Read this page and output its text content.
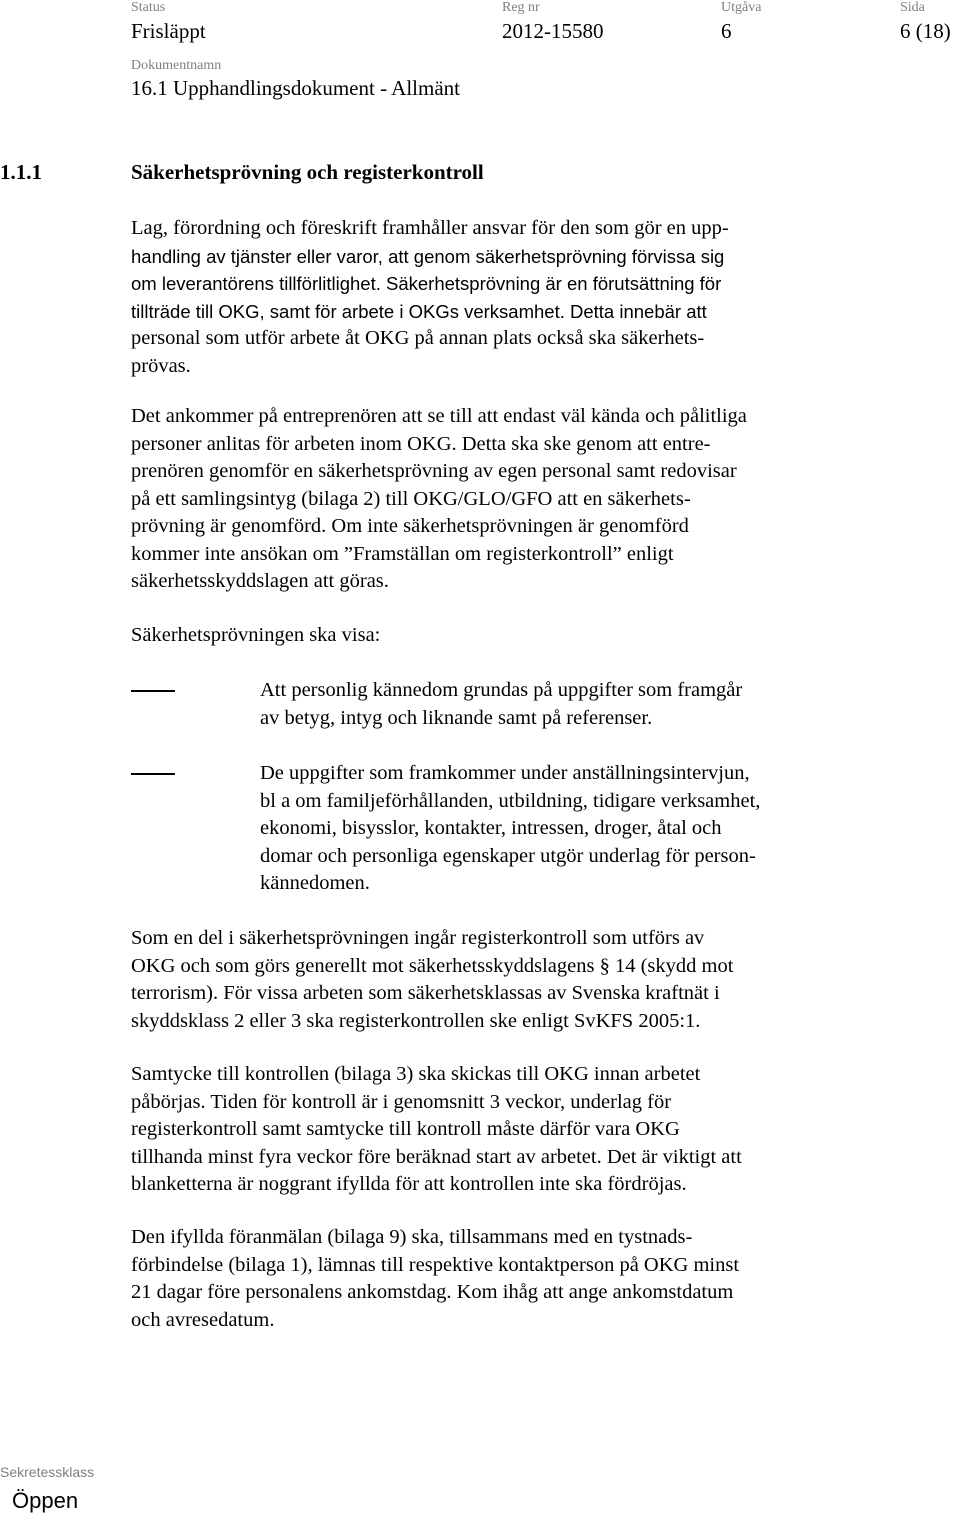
Status
Frisläppt
Reg nr
2012-15580
Utgåva
6
Sida
6 (18)
Dokumentnamn
16.1 Upphandlingsdokument - Allmänt
1.1.1	Säkerhetsprövning och registerkontroll
Lag, förordning och föreskrift framhåller ansvar för den som gör en upp-
handling av tjänster eller varor, att genom säkerhetsprövning förvissa sig
om leverantörens tillförlitlighet. Säkerhetsprövning är en förutsättning för
tillträde till OKG, samt för arbete i OKGs verksamhet. Detta innebär att
personal som utför arbete åt OKG på annan plats också ska säkerhets-
prövas.
Det ankommer på entreprenören att se till att endast väl kända och pålitliga
personer anlitas för arbeten inom OKG. Detta ska ske genom att entre-
prenören genomför en säkerhetsprövning av egen personal samt redovisar
på ett samlingsintyg (bilaga 2) till OKG/GLO/GFO att en säkerhets-
prövning är genomförd. Om inte säkerhetsprövningen är genomförd
kommer inte ansökan om ”Framställan om registerkontroll” enligt
säkerhetsskyddslagen att göras.
Säkerhetsprövningen ska visa:
Att personlig kännedom grundas på uppgifter som framgår
av betyg, intyg och liknande samt på referenser.
De uppgifter som framkommer under anställningsintervjun,
bl a om familjeförhållanden, utbildning, tidigare verksamhet,
ekonomi, bisysslor, kontakter, intressen, droger, åtal och
domar och personliga egenskaper utgör underlag för person-
kännedomen.
Som en del i säkerhetsprövningen ingår registerkontroll som utförs av
OKG och som görs generellt mot säkerhetsskyddslagens § 14 (skydd mot
terrorism). För vissa arbeten som säkerhetsklassas av Svenska kraftnät i
skyddsklass 2 eller 3 ska registerkontrollen ske enligt SvKFS 2005:1.
Samtycke till kontrollen (bilaga 3) ska skickas till OKG innan arbetet
påbörjas. Tiden för kontroll är i genomsnitt 3 veckor, underlag för
registerkontroll samt samtycke till kontroll måste därför vara OKG
tillhanda minst fyra veckor före beräknad start av arbetet. Det är viktigt att
blanketterna är noggrant ifyllda för att kontrollen inte ska fördröjas.
Den ifyllda föranmälan (bilaga 9) ska, tillsammans med en tystnads-
förbindelse (bilaga 1), lämnas till respektive kontaktperson på OKG minst
21 dagar före personalens ankomstdag. Kom ihåg att ange ankomstdatum
och avresedatum.
Sekretessklass
Öppen
